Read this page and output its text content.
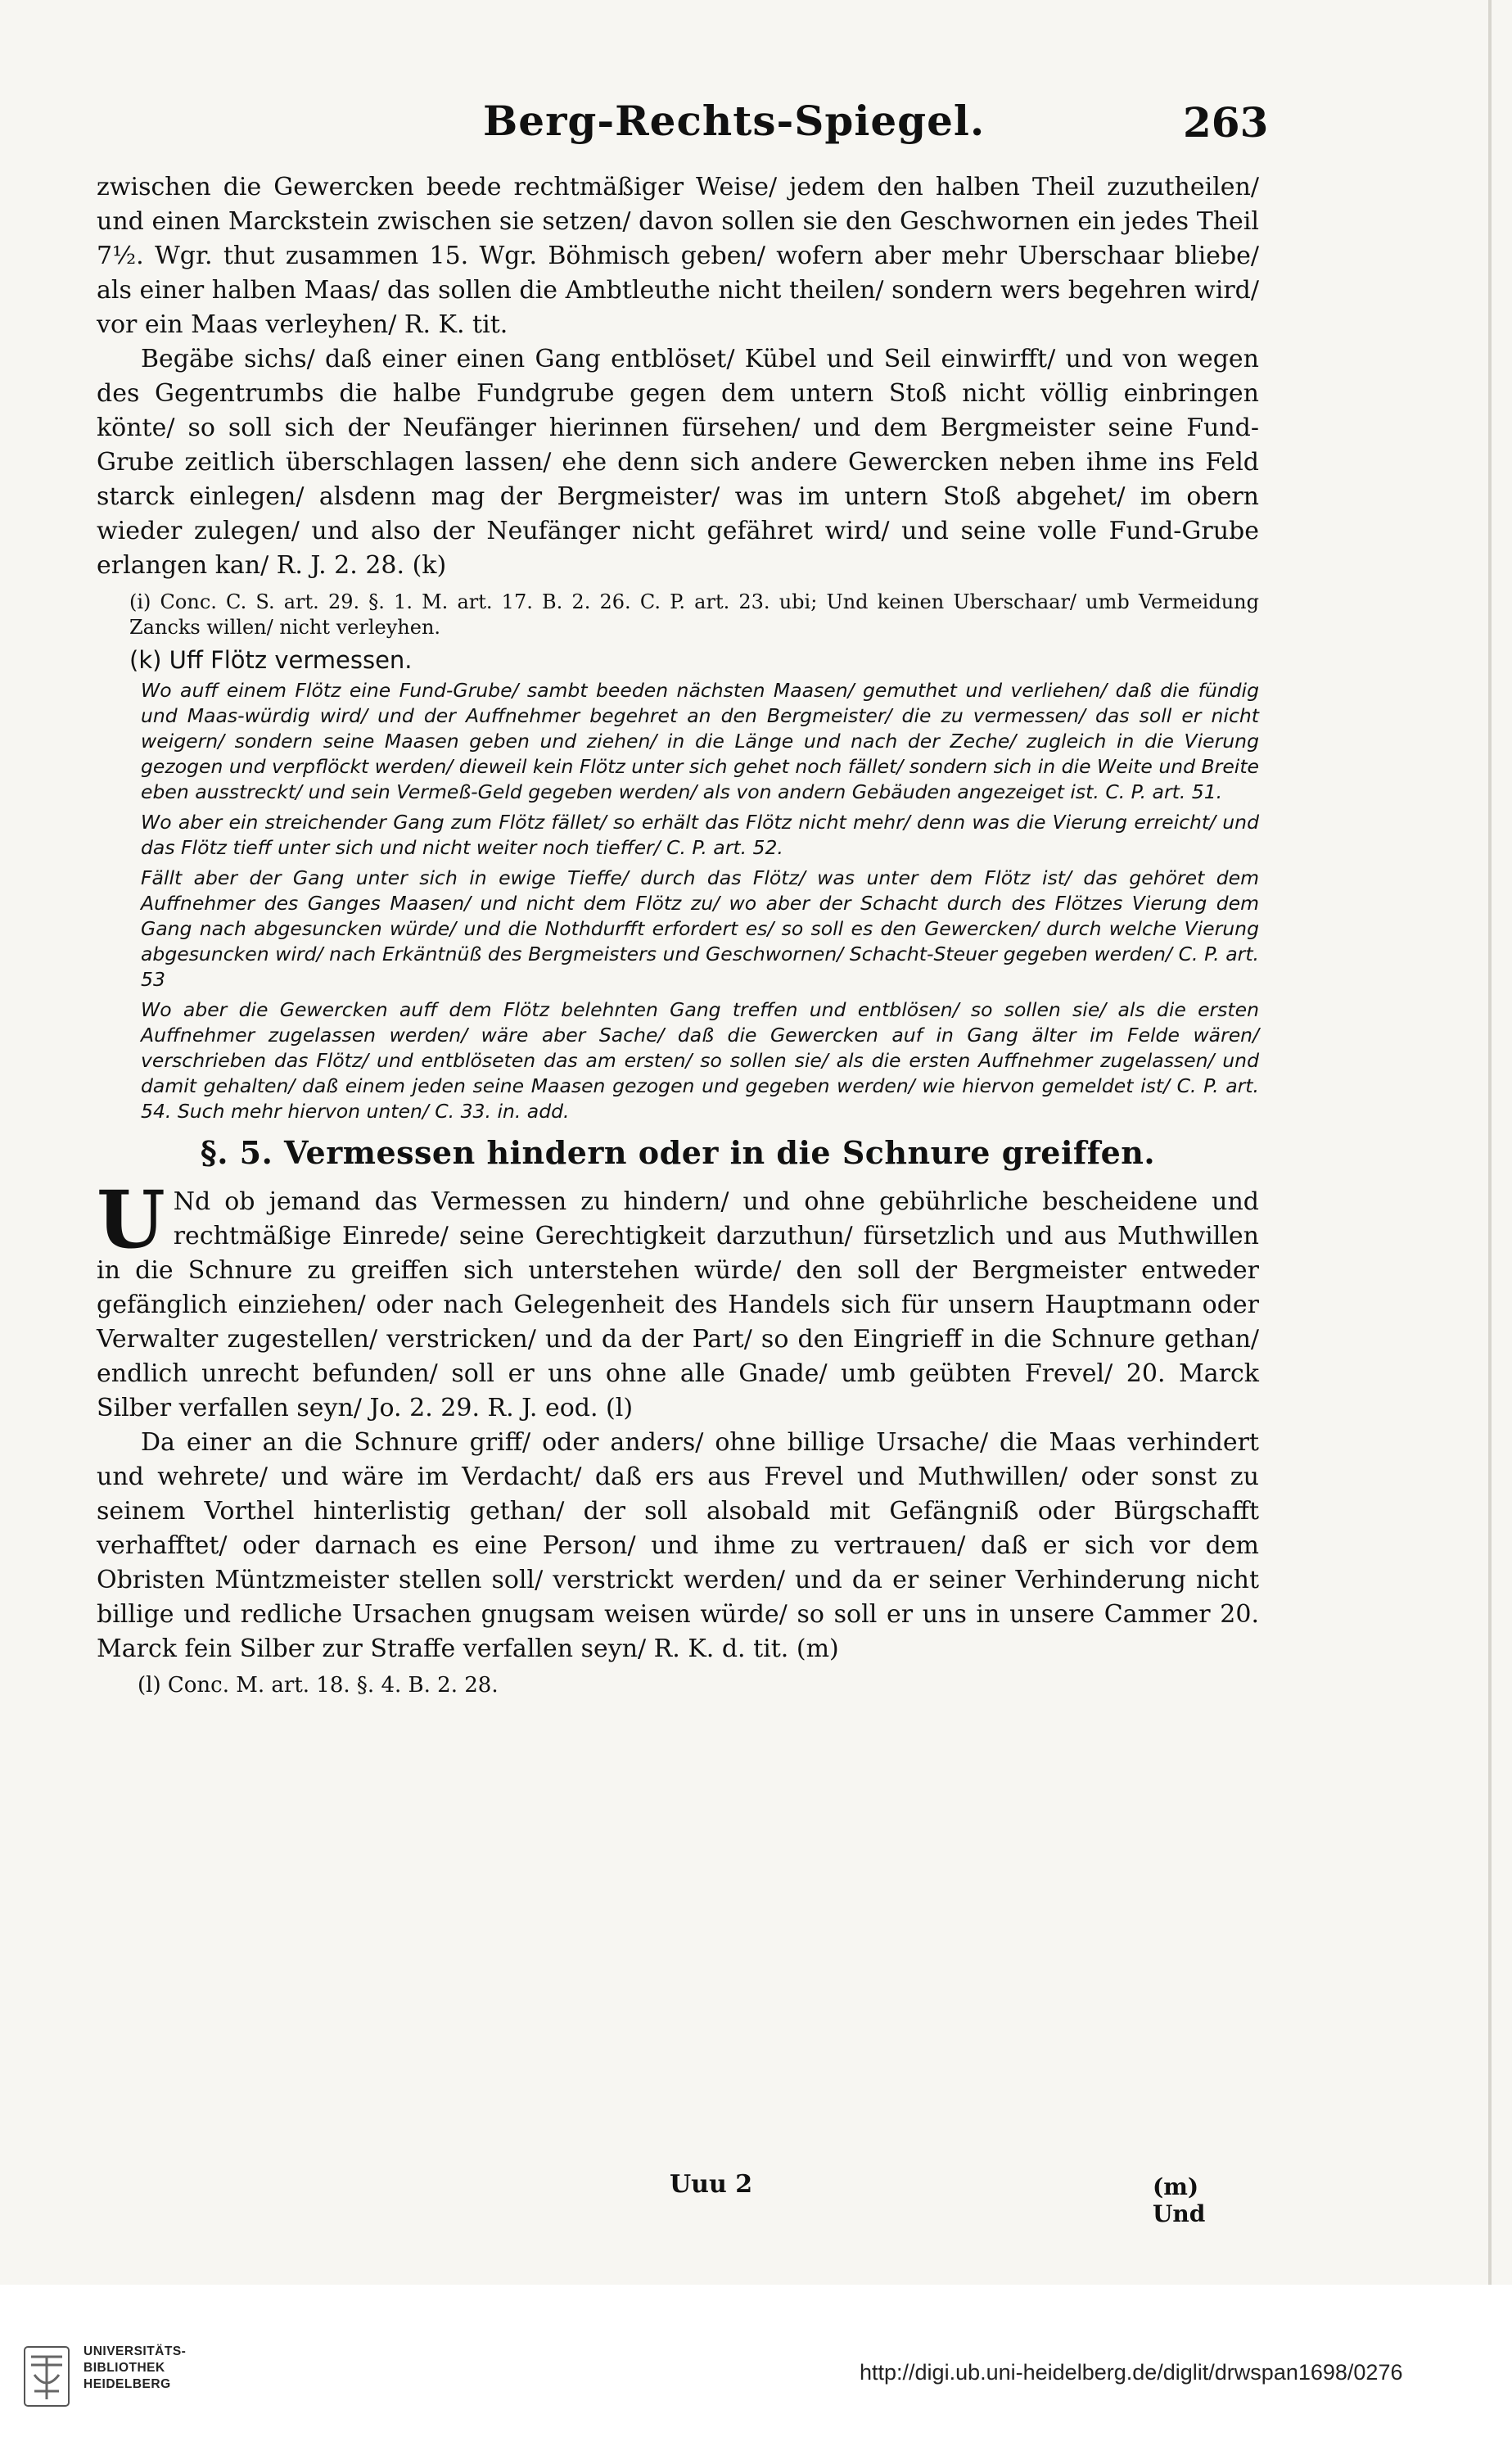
Berg-Rechts-Spiegel.	263

zwischen die Gewercken beede rechtmäßiger Weise/ jedem den halben Theil zuzutheilen/ und einen Marckstein zwischen sie setzen/ davon sollen sie den Geschwornen ein jedes Theil 7½. Wgr. thut zusammen 15. Wgr. Böhmisch geben/ wofern aber mehr Uberschaar bliebe/ als einer halben Maas/ das sollen die Ambtleuthe nicht theilen/ sondern wers begehren wird/ vor ein Maas verleyhen/ R. K. tit.

Begäbe sichs/ daß einer einen Gang entblöset/ Kübel und Seil einwirfft/ und von wegen des Gegentrumbs die halbe Fundgrube gegen dem untern Stoß nicht völlig einbringen könte/ so soll sich der Neufänger hierinnen fürsehen/ und dem Bergmeister seine Fund-Grube zeitlich überschlagen lassen/ ehe denn sich andere Gewercken neben ihme ins Feld starck einlegen/ alsdenn mag der Bergmeister/ was im untern Stoß abgehet/ im obern wieder zulegen/ und also der Neufänger nicht gefähret wird/ und seine volle Fund-Grube erlangen kan/ R. J. 2. 28. (k)

(i) Conc. C. S. art. 29. §. 1. M. art. 17. B. 2. 26. C. P. art. 23. ubi; Und keinen Uberschaar/ umb Vermeidung Zancks willen/ nicht verleyhen.

(k) Uff Flötz vermessen.

Wo auff einem Flötz eine Fund-Grube/ sambt beeden nächsten Maasen/ gemuthet und verliehen/ daß die fündig und Maas-würdig wird/ und der Auffnehmer begehret an den Bergmeister/ die zu vermessen/ das soll er nicht weigern/ sondern seine Maasen geben und ziehen/ in die Länge und nach der Zeche/ zugleich in die Vierung gezogen und verpflöckt werden/ dieweil kein Flötz unter sich gehet noch fället/ sondern sich in die Weite und Breite eben ausstreckt/ und sein Vermeß-Geld gegeben werden/ als von andern Gebäuden angezeiget ist. C. P. art. 51.

Wo aber ein streichender Gang zum Flötz fället/ so erhält das Flötz nicht mehr/ denn was die Vierung erreicht/ und das Flötz tieff unter sich und nicht weiter noch tieffer/ C. P. art. 52.

Fällt aber der Gang unter sich in ewige Tieffe/ durch das Flötz/ was unter dem Flötz ist/ das gehöret dem Auffnehmer des Ganges Maasen/ und nicht dem Flötz zu/ wo aber der Schacht durch des Flötzes Vierung dem Gang nach abgesuncken würde/ und die Nothdurfft erfordert es/ so soll es den Gewercken/ durch welche Vierung abgesuncken wird/ nach Erkäntnüß des Bergmeisters und Geschwornen/ Schacht-Steuer gegeben werden/ C. P. art. 53

Wo aber die Gewercken auff dem Flötz belehnten Gang treffen und entblösen/ so sollen sie/ als die ersten Auffnehmer zugelassen werden/ wäre aber Sache/ daß die Gewercken auf in Gang älter im Felde wären/ verschrieben das Flötz/ und entblöseten das am ersten/ so sollen sie/ als die ersten Auffnehmer zugelassen/ und damit gehalten/ daß einem jeden seine Maasen gezogen und gegeben werden/ wie hiervon gemeldet ist/ C. P. art. 54. Such mehr hiervon unten/ C. 33. in. add.

§. 5. Vermessen hindern oder in die Schnure greiffen.

U Nd ob jemand das Vermessen zu hindern/ und ohne gebührliche bescheidene und rechtmäßige Einrede/ seine Gerechtigkeit darzuthun/ fürsetzlich und aus Muthwillen in die Schnure zu greiffen sich unterstehen würde/ den soll der Bergmeister entweder gefänglich einziehen/ oder nach Gelegenheit des Handels sich für unsern Hauptmann oder Verwalter zugestellen/ verstricken/ und da der Part/ so den Eingrieff in die Schnure gethan/ endlich unrecht befunden/ soll er uns ohne alle Gnade/ umb geübten Frevel/ 20. Marck Silber verfallen seyn/ Jo. 2. 29. R. J. eod. (l)

Da einer an die Schnure griff/ oder anders/ ohne billige Ursache/ die Maas verhindert und wehrete/ und wäre im Verdacht/ daß ers aus Frevel und Muthwillen/ oder sonst zu seinem Vorthel hinterlistig gethan/ der soll alsobald mit Gefängniß oder Bürgschafft verhafftet/ oder darnach es eine Person/ und ihme zu vertrauen/ daß er sich vor dem Obristen Müntzmeister stellen soll/ verstrickt werden/ und da er seiner Verhinderung nicht billige und redliche Ursachen gnugsam weisen würde/ so soll er uns in unsere Cammer 20. Marck fein Silber zur Straffe verfallen seyn/ R. K. d. tit. (m)

(l) Conc. M. art. 18. §. 4. B. 2. 28.

Uuu 2	(m) Und
UNIVERSITÄTS-
BIBLIOTHEK
HEIDELBERG	http://digi.ub.uni-heidelberg.de/diglit/drwspan1698/0276
